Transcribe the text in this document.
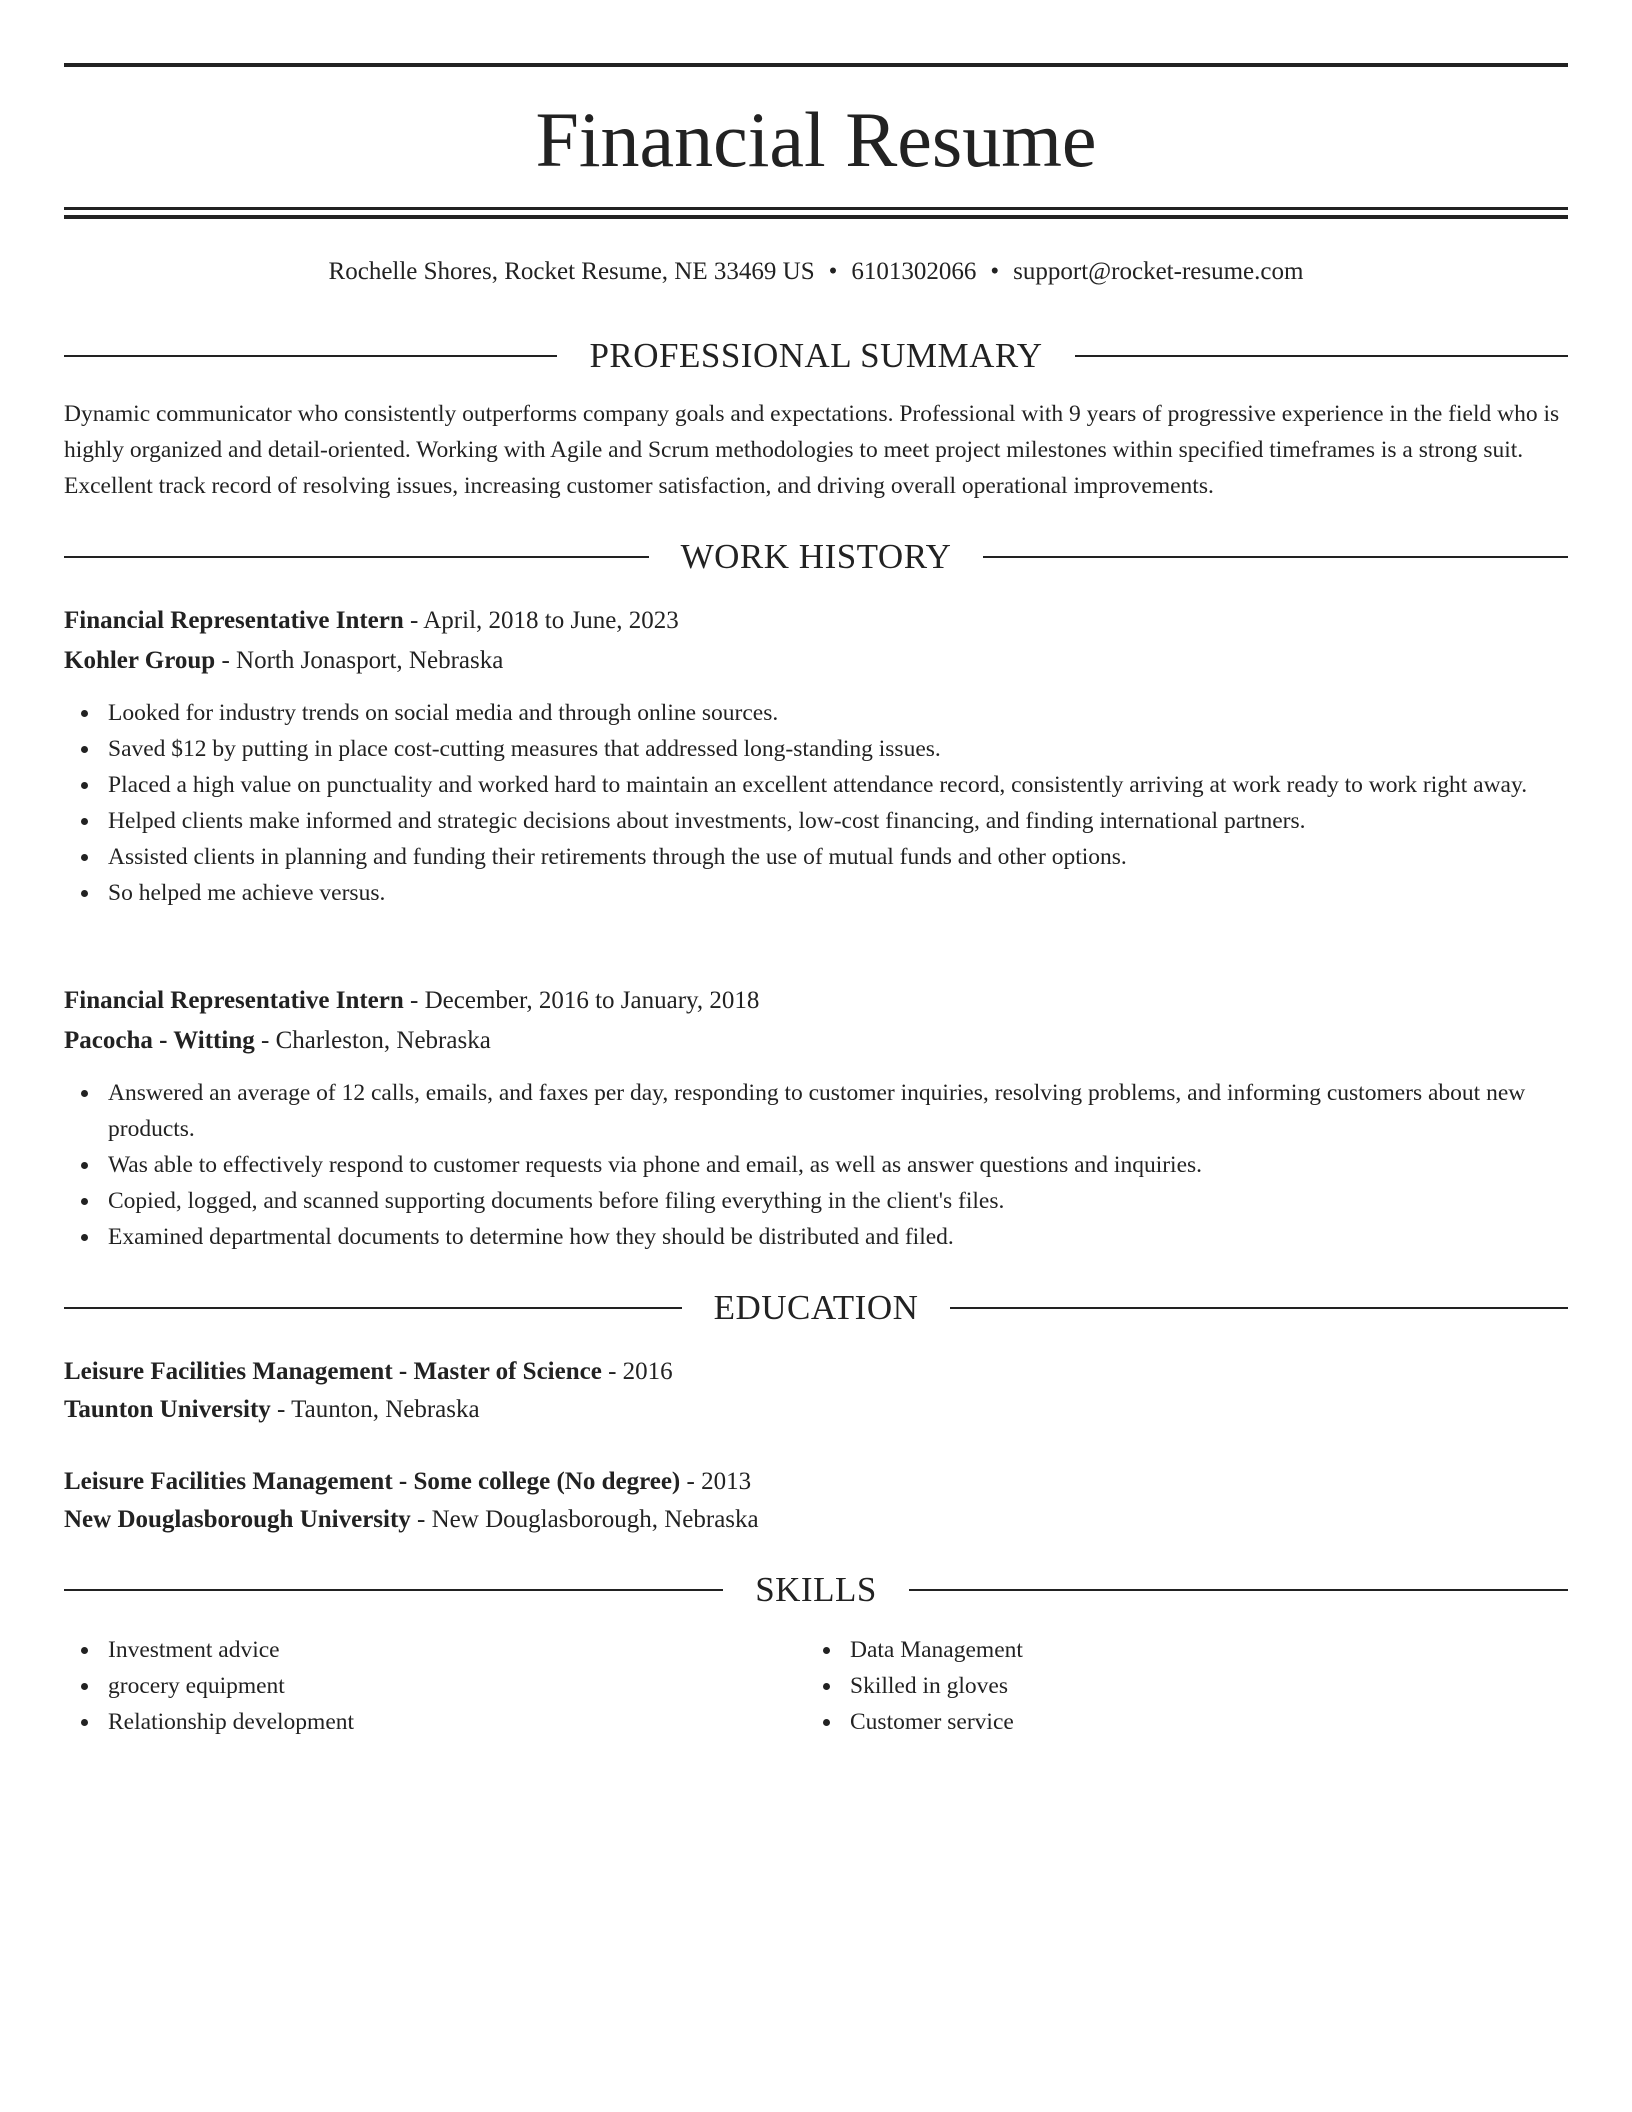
Financial Resume
Rochelle Shores, Rocket Resume, NE 33469 US • 6101302066 • support@rocket-resume.com
PROFESSIONAL SUMMARY
Dynamic communicator who consistently outperforms company goals and expectations. Professional with 9 years of progressive experience in the field who is highly organized and detail-oriented. Working with Agile and Scrum methodologies to meet project milestones within specified timeframes is a strong suit. Excellent track record of resolving issues, increasing customer satisfaction, and driving overall operational improvements.
WORK HISTORY
Financial Representative Intern - April, 2018 to June, 2023
Kohler Group - North Jonasport, Nebraska
Looked for industry trends on social media and through online sources.
Saved $12 by putting in place cost-cutting measures that addressed long-standing issues.
Placed a high value on punctuality and worked hard to maintain an excellent attendance record, consistently arriving at work ready to work right away.
Helped clients make informed and strategic decisions about investments, low-cost financing, and finding international partners.
Assisted clients in planning and funding their retirements through the use of mutual funds and other options.
So helped me achieve versus.
Financial Representative Intern - December, 2016 to January, 2018
Pacocha - Witting - Charleston, Nebraska
Answered an average of 12 calls, emails, and faxes per day, responding to customer inquiries, resolving problems, and informing customers about new products.
Was able to effectively respond to customer requests via phone and email, as well as answer questions and inquiries.
Copied, logged, and scanned supporting documents before filing everything in the client's files.
Examined departmental documents to determine how they should be distributed and filed.
EDUCATION
Leisure Facilities Management - Master of Science - 2016
Taunton University - Taunton, Nebraska
Leisure Facilities Management - Some college (No degree) - 2013
New Douglasborough University - New Douglasborough, Nebraska
SKILLS
Investment advice
grocery equipment
Relationship development
Data Management
Skilled in gloves
Customer service
